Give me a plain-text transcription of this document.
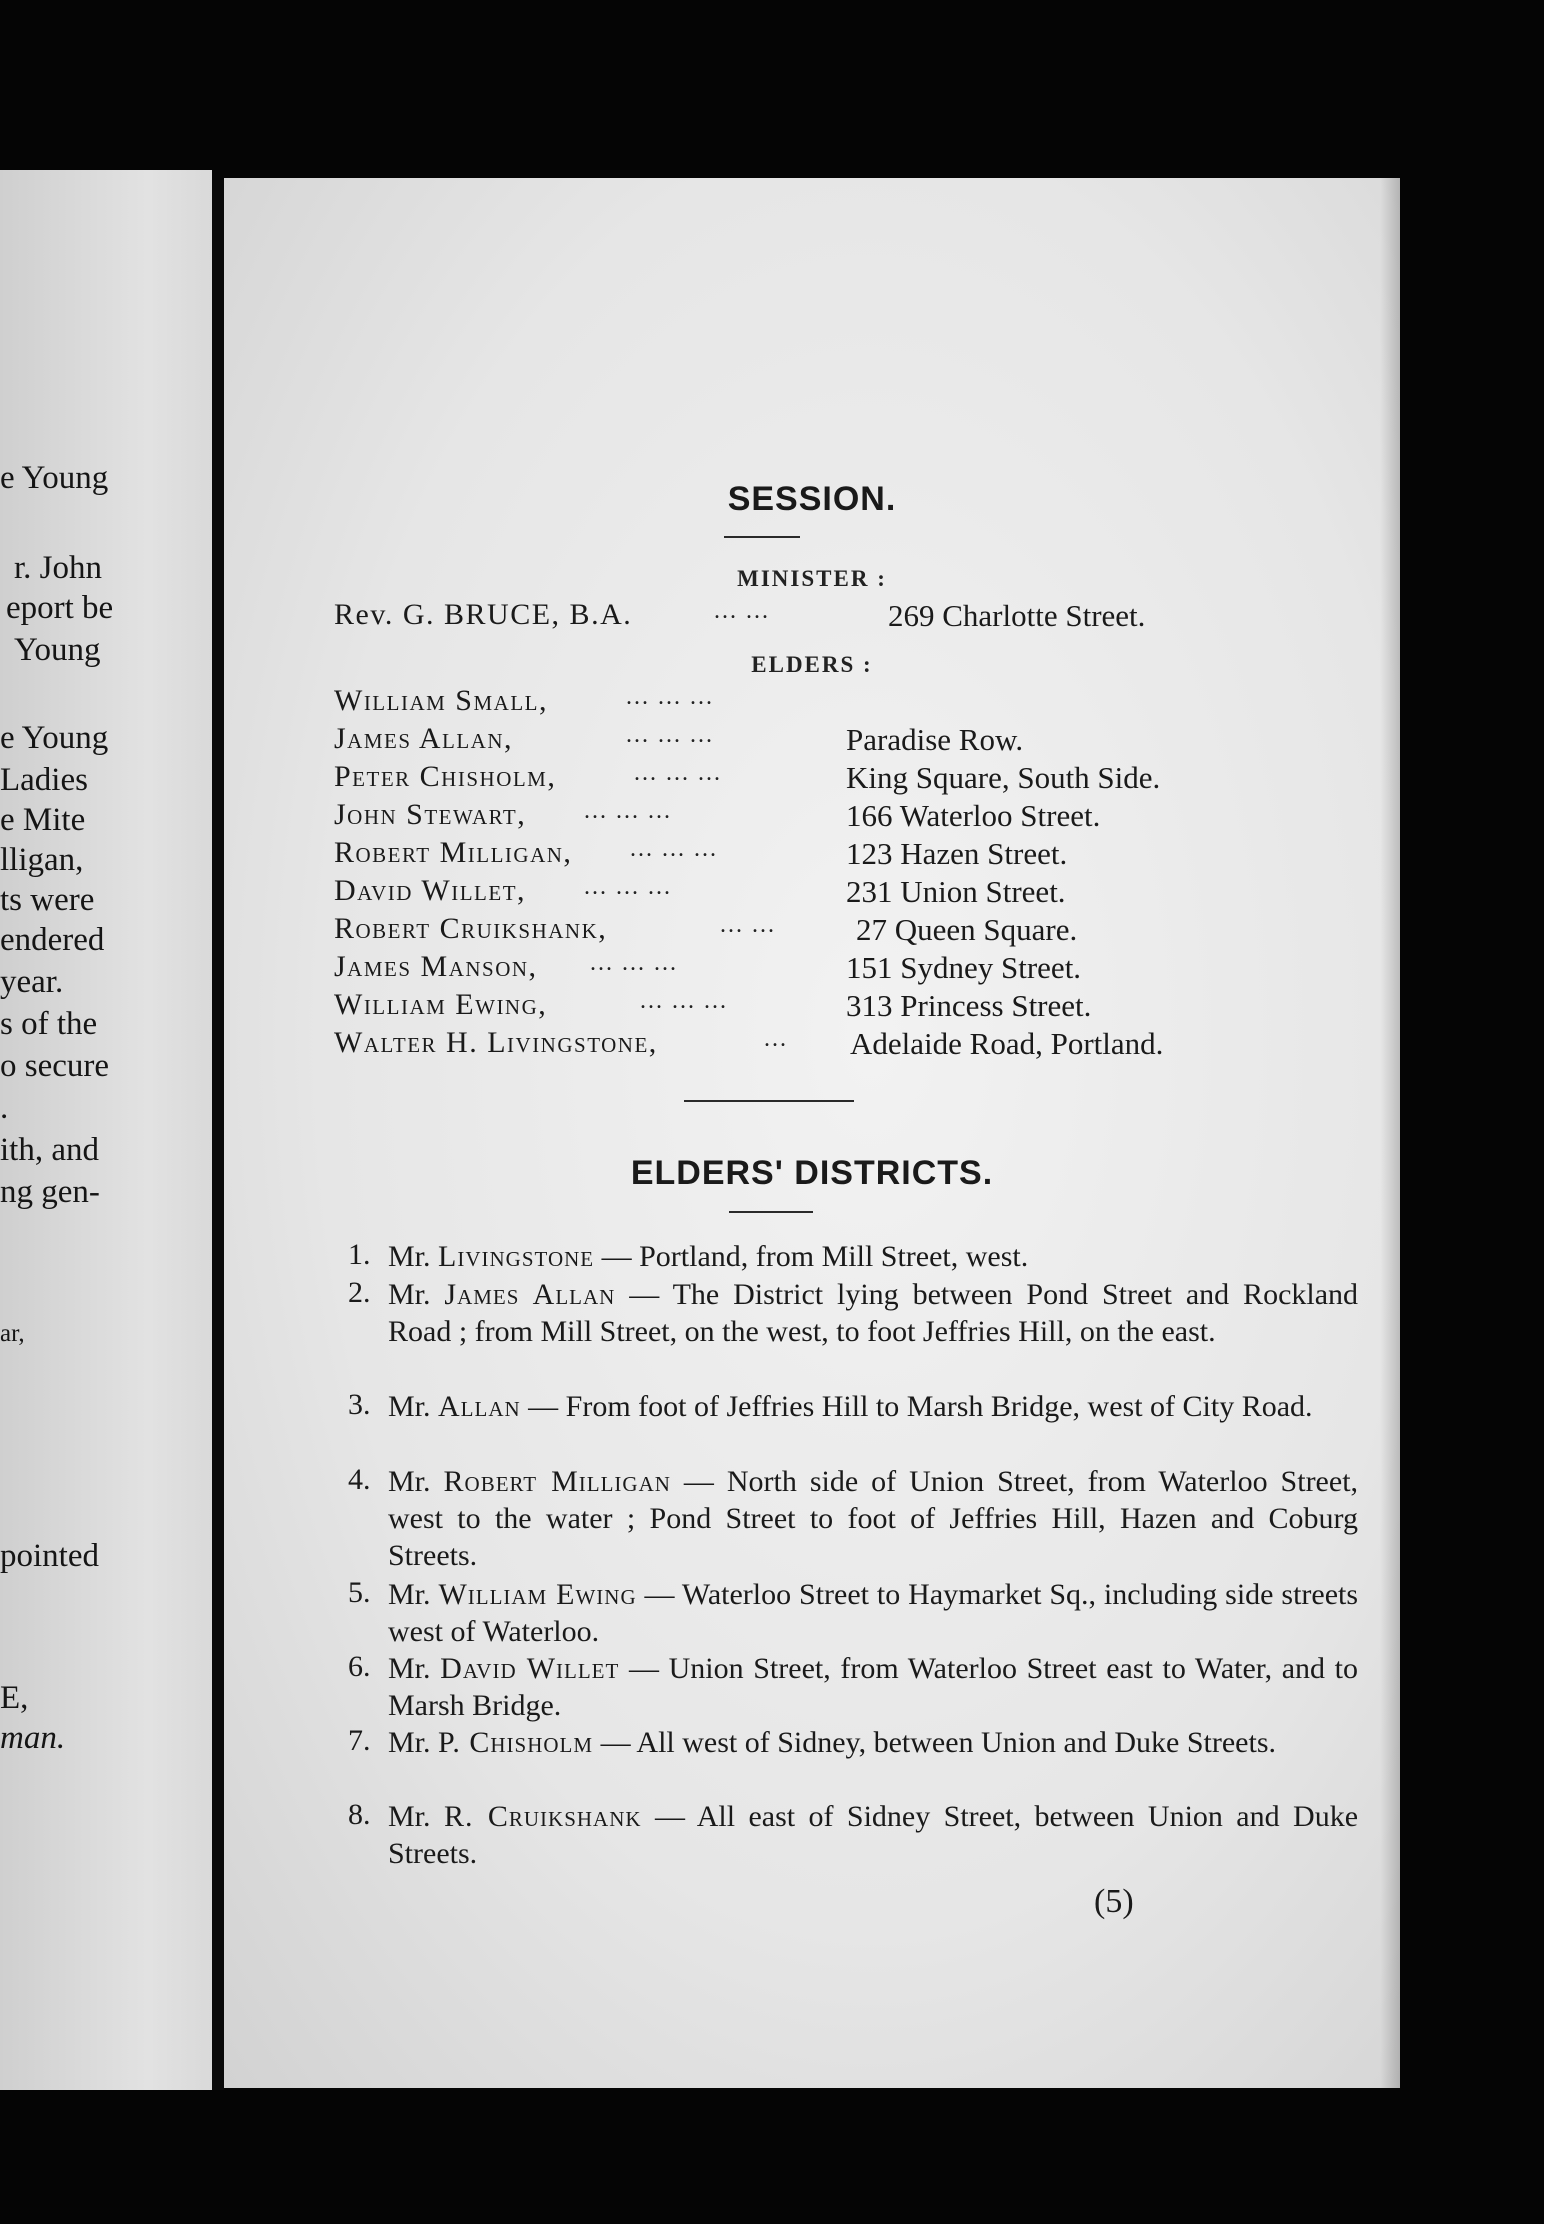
e Young
r. John
eport be
Young
e Young
Ladies
e Mite
lligan,
ts were
endered
year.
s of the
o secure
.
ith, and
ng gen-
ar,
pointed
E,
man.
SESSION.
MINISTER :
Rev. G. BRUCE, B.A.	... ...	269 Charlotte Street.
ELDERS :
William Small,	... ... ...
James Allan,	... ... ...	Paradise Row.
Peter Chisholm,	... ... ...	King Square, South Side.
John Stewart, ... ... ...	166 Waterloo Street.
Robert Milligan, ... ... ...	123 Hazen Street.
David Willet, ... ... ...	231 Union Street.
Robert Cruikshank,	... ...	27 Queen Square.
James Manson, ... ... ...	151 Sydney Street.
William Ewing,	... ... ...	313 Princess Street.
Walter H. Livingstone,	... Adelaide Road, Portland.
ELDERS' DISTRICTS.
1. Mr. Livingstone — Portland, from Mill Street, west.
2. Mr. James Allan — The District lying between Pond Street and Rockland Road ; from Mill Street, on the west, to foot Jeffries Hill, on the east.
3. Mr. Allan — From foot of Jeffries Hill to Marsh Bridge, west of City Road.
4. Mr. Robert Milligan — North side of Union Street, from Waterloo Street, west to the water ; Pond Street to foot of Jeffries Hill, Hazen and Coburg Streets.
5. Mr. William Ewing — Waterloo Street to Haymarket Sq., including side streets west of Waterloo.
6. Mr. David Willet — Union Street, from Waterloo Street east to Water, and to Marsh Bridge.
7. Mr. P. Chisholm — All west of Sidney, between Union and Duke Streets.
8. Mr. R. Cruikshank — All east of Sidney Street, between Union and Duke Streets.
(5)
